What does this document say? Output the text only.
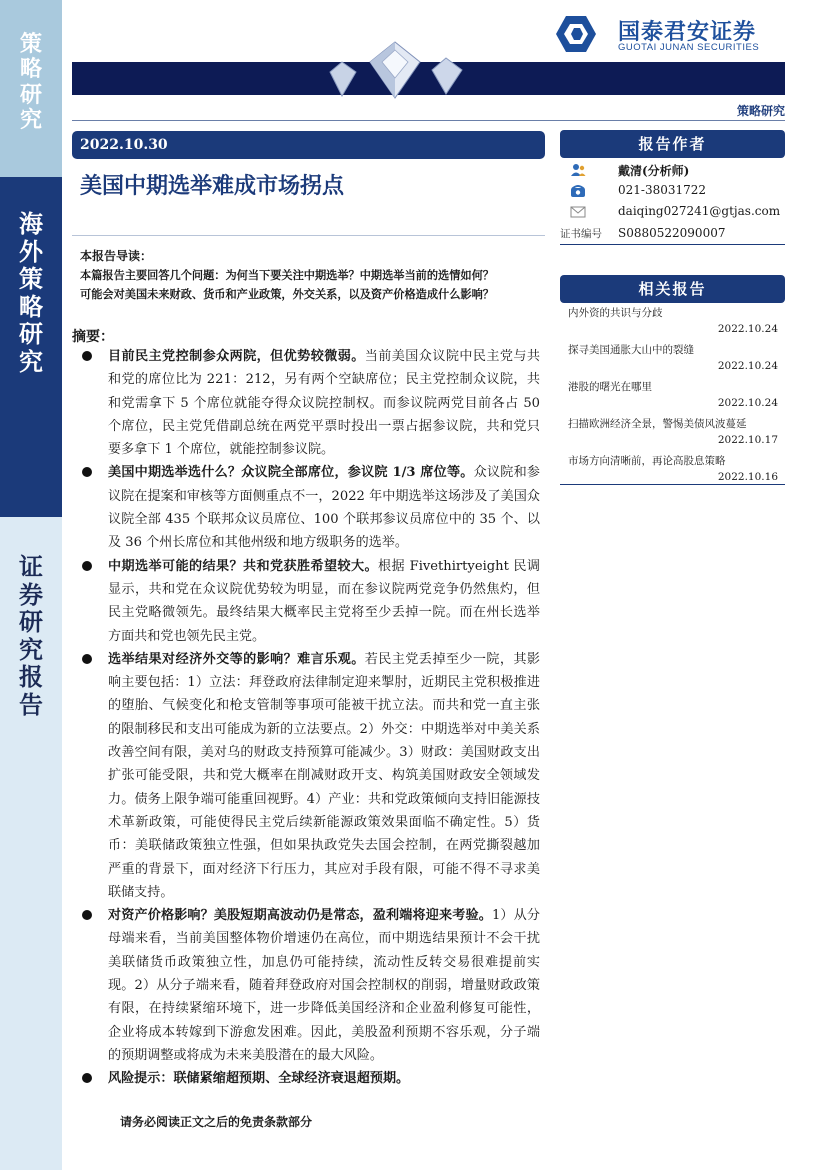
策
略
研
究
海
外
策
略
研
究
证
券
研
究
报
告
国泰君安证券
GUOTAI JUNAN SECURITIES
策略研究
2022.10.30
美国中期选举难成市场拐点
本报告导读：
本篇报告主要回答几个问题：为何当下要关注中期选举？中期选举当前的选情如何？
可能会对美国未来财政、货币和产业政策，外交关系，以及资产价格造成什么影响？
摘要：
目前民主党控制参众两院，但优势较微弱。当前美国众议院中民主党与共和党的席位比为 221：212，另有两个空缺席位；民主党控制众议院，共和党需拿下 5 个席位就能夺得众议院控制权。而参议院两党目前各占 50 个席位，民主党凭借副总统在两党平票时投出一票占据参议院，共和党只要多拿下 1 个席位，就能控制参议院。
美国中期选举选什么？众议院全部席位，参议院 1/3 席位等。众议院和参议院在提案和审核等方面侧重点不一，2022 年中期选举这场涉及了美国众议院全部 435 个联邦众议员席位、100 个联邦参议员席位中的 35 个、以及 36 个州长席位和其他州级和地方级职务的选举。
中期选举可能的结果？共和党获胜希望较大。根据 Fivethirtyeight 民调显示，共和党在众议院优势较为明显，而在参议院两党竞争仍然焦灼，但民主党略微领先。最终结果大概率民主党将至少丢掉一院。而在州长选举方面共和党也领先民主党。
选举结果对经济外交等的影响？难言乐观。若民主党丢掉至少一院，其影响主要包括：1）立法：拜登政府法律制定迎来掣肘，近期民主党积极推进的堕胎、气候变化和枪支管制等事项可能被干扰立法。而共和党一直主张的限制移民和支出可能成为新的立法要点。2）外交：中期选举对中美关系改善空间有限，美对乌的财政支持预算可能减少。3）财政：美国财政支出扩张可能受限，共和党大概率在削减财政开支、构筑美国财政安全领域发力。债务上限争端可能重回视野。4）产业：共和党政策倾向支持旧能源技术革新政策，可能使得民主党后续新能源政策效果面临不确定性。5）货币：美联储政策独立性强，但如果执政党失去国会控制，在两党撕裂越加严重的背景下，面对经济下行压力，其应对手段有限，可能不得不寻求美联储支持。
对资产价格影响？美股短期高波动仍是常态，盈利端将迎来考验。1）从分母端来看，当前美国整体物价增速仍在高位，而中期选结果预计不会干扰美联储货币政策独立性，加息仍可能持续，流动性反转交易很难提前实现。2）从分子端来看，随着拜登政府对国会控制权的削弱，增量财政政策有限，在持续紧缩环境下，进一步降低美国经济和企业盈利修复可能性，企业将成本转嫁到下游愈发困难。因此，美股盈利预期不容乐观，分子端的预期调整或将成为未来美股潜在的最大风险。
风险提示：联储紧缩超预期、全球经济衰退超预期。
请务必阅读正文之后的免责条款部分
报告作者
戴清(分析师)
021-38031722
daiqing027241@gtjas.com
证书编号 S0880522090007
相关报告
内外资的共识与分歧
2022.10.24
探寻美国通胀大山中的裂缝
2022.10.24
港股的曙光在哪里
2022.10.24
扫描欧洲经济全景，警惕美债风波蔓延
2022.10.17
市场方向清晰前，再论高股息策略
2022.10.16
